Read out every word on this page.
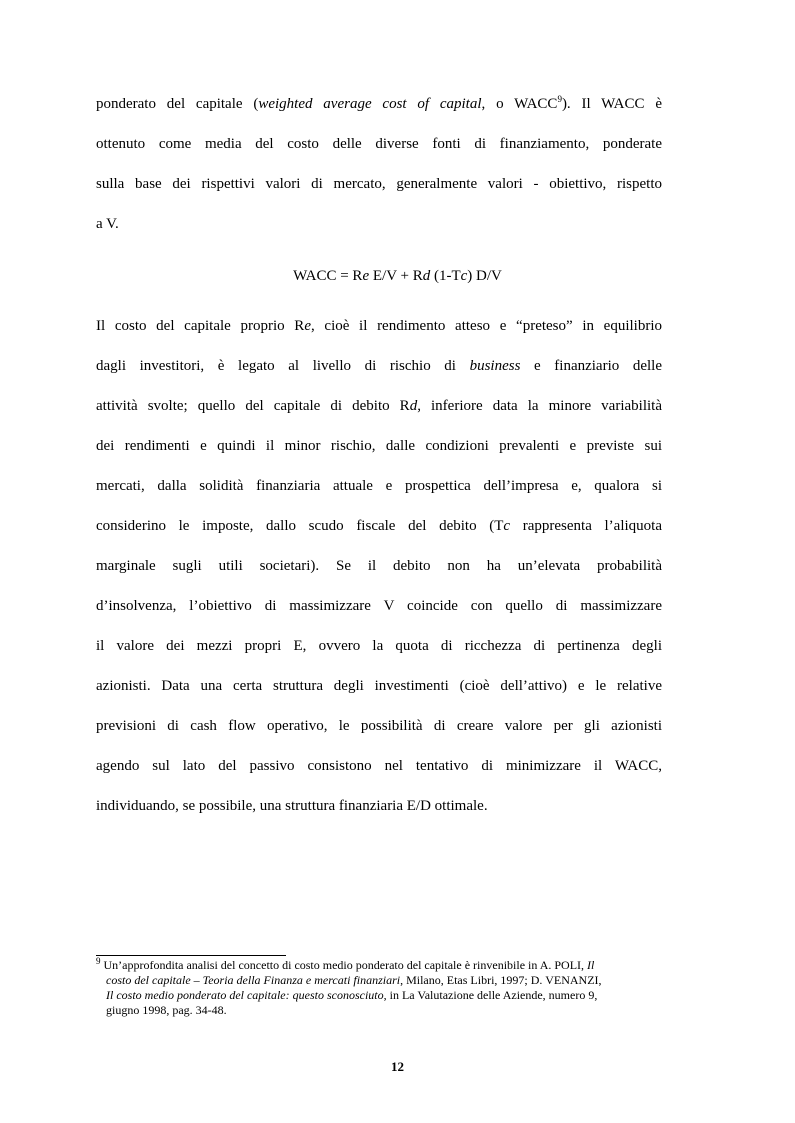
ponderato del capitale (weighted average cost of capital, o WACC$^9$). Il WACC è
ottenuto come media del costo delle diverse fonti di finanziamento, ponderate
sulla base dei rispettivi valori di mercato, generalmente valori - obiettivo, rispetto
a V.
WACC = Re E/V + Rd (1-Tc) D/V
Il costo del capitale proprio Re, cioè il rendimento atteso e “preteso” in equilibrio
dagli investitori, è legato al livello di rischio di business e finanziario delle
attività svolte; quello del capitale di debito Rd, inferiore data la minore variabilità
dei rendimenti e quindi il minor rischio, dalle condizioni prevalenti e previste sui
mercati, dalla solidità finanziaria attuale e prospettica dell’impresa e, qualora si
considerino le imposte, dallo scudo fiscale del debito (Tc rappresenta l’aliquota
marginale sugli utili societari). Se il debito non ha un’elevata probabilità
d’insolvenza, l’obiettivo di massimizzare V coincide con quello di massimizzare
il valore dei mezzi propri E, ovvero la quota di ricchezza di pertinenza degli
azionisti. Data una certa struttura degli investimenti (cioè dell’attivo) e le relative
previsioni di cash flow operativo, le possibilità di creare valore per gli azionisti
agendo sul lato del passivo consistono nel tentativo di minimizzare il WACC,
individuando, se possibile, una struttura finanziaria E/D ottimale.
$^9$ Un’approfondita analisi del concetto di costo medio ponderato del capitale è rinvenibile in A. POLI, Il
costo del capitale – Teoria della Finanza e mercati finanziari, Milano, Etas Libri, 1997; D. VENANZI,
Il costo medio ponderato del capitale: questo sconosciuto, in La Valutazione delle Aziende, numero 9,
giugno 1998, pag. 34-48.
12
